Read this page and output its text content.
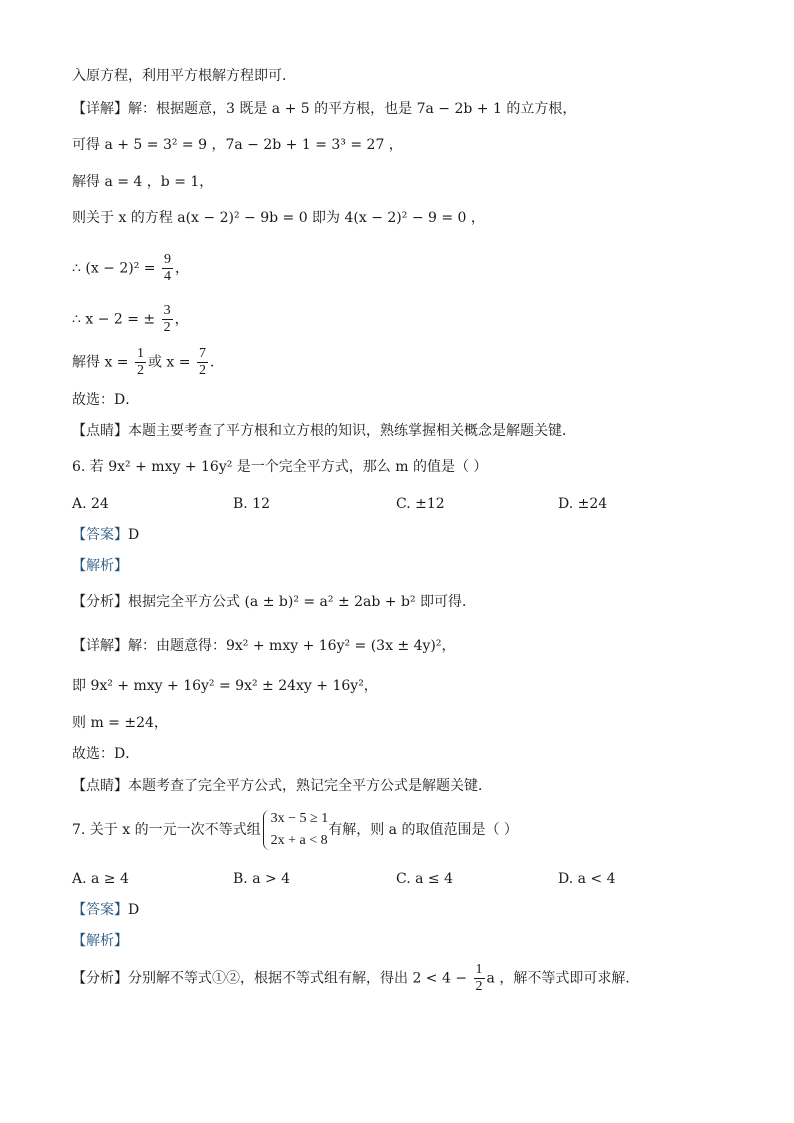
入原方程，利用平方根解方程即可．
【详解】解：根据题意，3 既是 a + 5 的平方根，也是 7a − 2b + 1 的立方根，
可得 a + 5 = 3² = 9 ，7a − 2b + 1 = 3³ = 27 ，
解得 a = 4 ，b = 1，
则关于 x 的方程 a(x − 2)² − 9b = 0 即为 4(x − 2)² − 9 = 0 ，
∴ $(x - 2)^2 = \frac{9}{4}$ ，
∴ x − 2 = ± $\frac{3}{2}$ ，
解得 $x = \frac{1}{2}$ 或 $x = \frac{7}{2}$ ．
故选：D．
【点睛】本题主要考查了平方根和立方根的知识，熟练掌握相关概念是解题关键．
6. 若 9x² + mxy + 16y² 是一个完全平方式，那么 m 的值是（ ）
A. 24	B. 12	C. ±12	D. ±24
【答案】D
【解析】
【分析】根据完全平方公式 (a ± b)² = a² ± 2ab + b² 即可得．
【详解】解：由题意得：9x² + mxy + 16y² = (3x ± 4y)²，
即 9x² + mxy + 16y² = 9x² ± 24xy + 16y²，
则 m = ±24，
故选：D．
【点睛】本题考查了完全平方公式，熟记完全平方公式是解题关键．
7. 关于 x 的一元一次不等式组
3x − 5 ≥ 1
2x + a < 8
有解，则 a 的取值范围是（ ）
A. a ≥ 4	B. a > 4	C. a ≤ 4	D. a < 4
【答案】D
【解析】
【分析】分别解不等式①②，根据不等式组有解，得出 $2 < 4 - \frac{1}{2}$ a ，解不等式即可求解．
